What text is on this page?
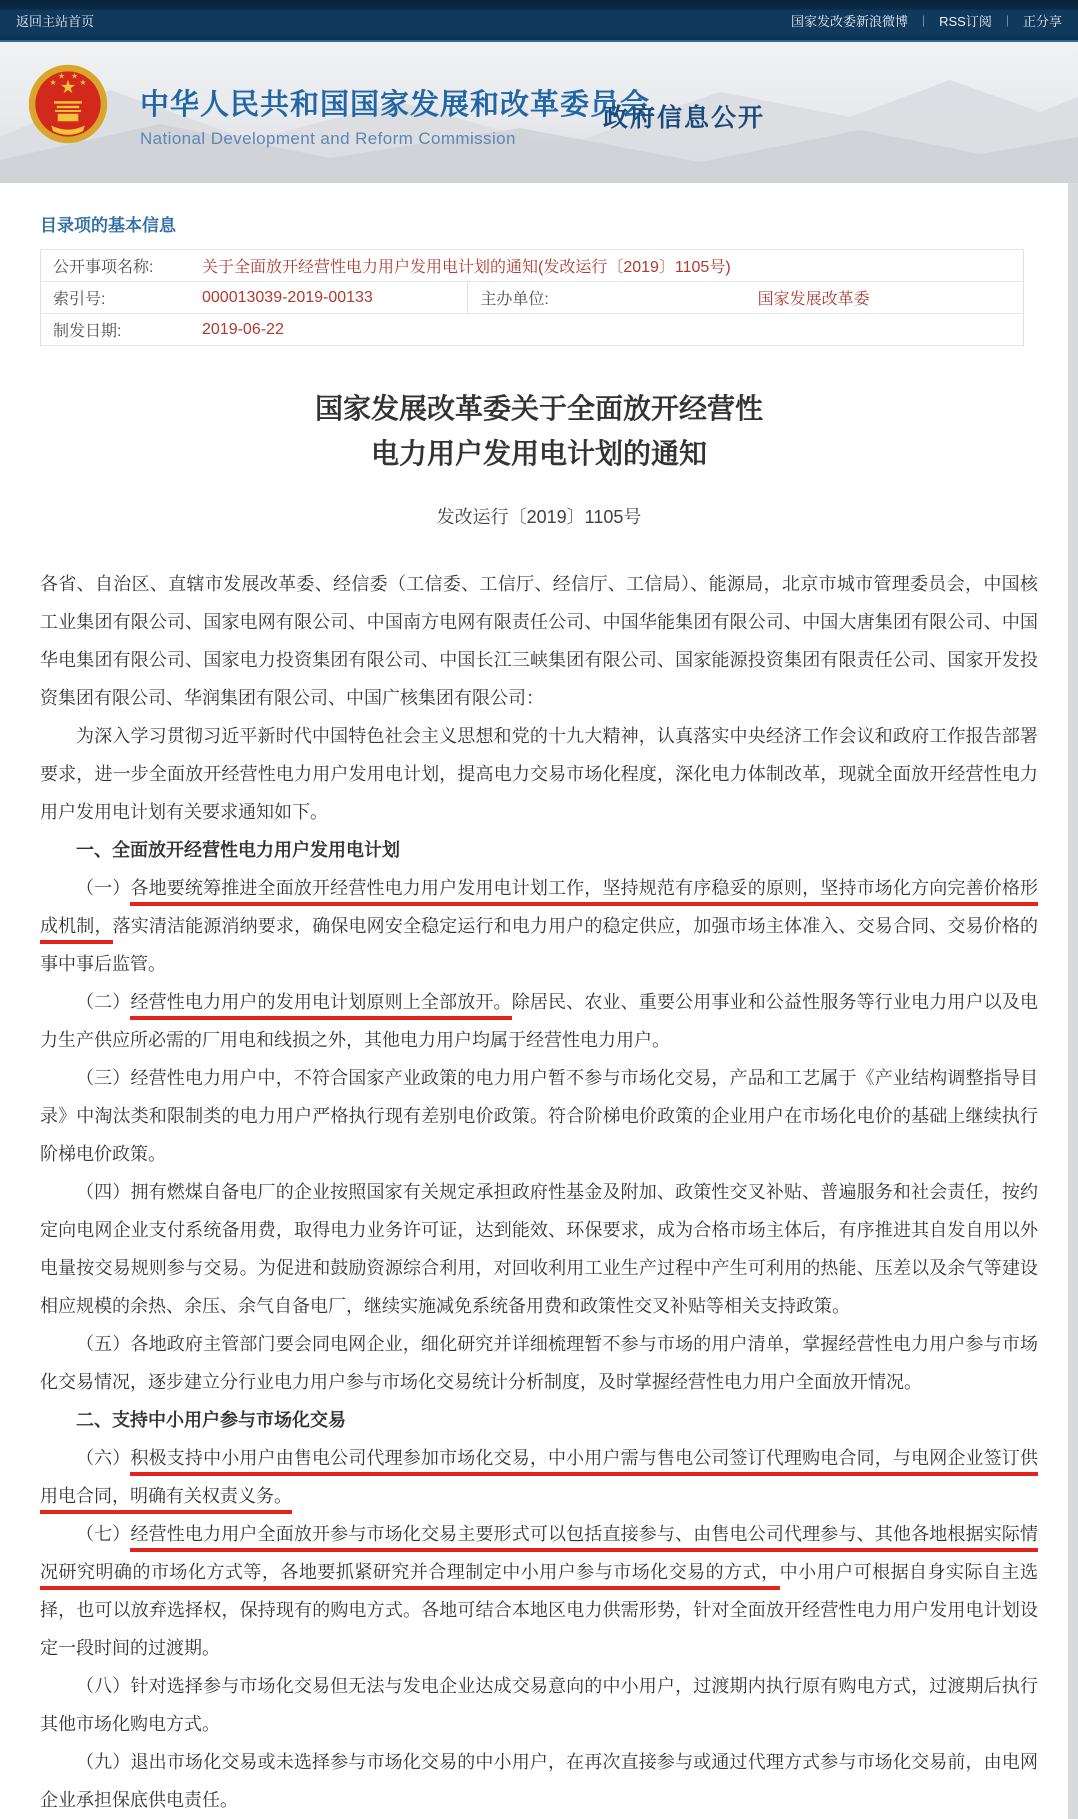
返回主站首页	国家发改委新浪微博 | RSS订阅 | 正分享
中华人民共和国国家发展和改革委员会
National Development and Reform Commission
政府信息公开
目录项的基本信息
公开事项名称:	关于全面放开经营性电力用户发用电计划的通知(发改运行〔2019〕1105号)		
索引号:	000013039-2019-00133	主办单位:	国家发展改革委
制发日期:	2019-06-22		
国家发展改革委关于全面放开经营性
电力用户发用电计划的通知
发改运行〔2019〕1105号

各省、自治区、直辖市发展改革委、经信委（工信委、工信厅、经信厅、工信局）、能源局，北京市城市管理委员会，中国核工业集团有限公司、国家电网有限公司、中国南方电网有限责任公司、中国华能集团有限公司、中国大唐集团有限公司、中国华电集团有限公司、国家电力投资集团有限公司、中国长江三峡集团有限公司、国家能源投资集团有限责任公司、国家开发投资集团有限公司、华润集团有限公司、中国广核集团有限公司：

为深入学习贯彻习近平新时代中国特色社会主义思想和党的十九大精神，认真落实中央经济工作会议和政府工作报告部署要求，进一步全面放开经营性电力用户发用电计划，提高电力交易市场化程度，深化电力体制改革，现就全面放开经营性电力用户发用电计划有关要求通知如下。

一、全面放开经营性电力用户发用电计划

（一）各地要统筹推进全面放开经营性电力用户发用电计划工作，坚持规范有序稳妥的原则，坚持市场化方向完善价格形成机制，落实清洁能源消纳要求，确保电网安全稳定运行和电力用户的稳定供应，加强市场主体准入、交易合同、交易价格的事中事后监管。

（二）经营性电力用户的发用电计划原则上全部放开。除居民、农业、重要公用事业和公益性服务等行业电力用户以及电力生产供应所必需的厂用电和线损之外，其他电力用户均属于经营性电力用户。

（三）经营性电力用户中，不符合国家产业政策的电力用户暂不参与市场化交易，产品和工艺属于《产业结构调整指导目录》中淘汰类和限制类的电力用户严格执行现有差别电价政策。符合阶梯电价政策的企业用户在市场化电价的基础上继续执行阶梯电价政策。

（四）拥有燃煤自备电厂的企业按照国家有关规定承担政府性基金及附加、政策性交叉补贴、普遍服务和社会责任，按约定向电网企业支付系统备用费，取得电力业务许可证，达到能效、环保要求，成为合格市场主体后，有序推进其自发自用以外电量按交易规则参与交易。为促进和鼓励资源综合利用，对回收利用工业生产过程中产生可利用的热能、压差以及余气等建设相应规模的余热、余压、余气自备电厂，继续实施减免系统备用费和政策性交叉补贴等相关支持政策。

（五）各地政府主管部门要会同电网企业，细化研究并详细梳理暂不参与市场的用户清单，掌握经营性电力用户参与市场化交易情况，逐步建立分行业电力用户参与市场化交易统计分析制度，及时掌握经营性电力用户全面放开情况。

二、支持中小用户参与市场化交易

（六）积极支持中小用户由售电公司代理参加市场化交易，中小用户需与售电公司签订代理购电合同，与电网企业签订供用电合同，明确有关权责义务。

（七）经营性电力用户全面放开参与市场化交易主要形式可以包括直接参与、由售电公司代理参与、其他各地根据实际情况研究明确的市场化方式等，各地要抓紧研究并合理制定中小用户参与市场化交易的方式，中小用户可根据自身实际自主选择，也可以放弃选择权，保持现有的购电方式。各地可结合本地区电力供需形势，针对全面放开经营性电力用户发用电计划设定一段时间的过渡期。

（八）针对选择参与市场化交易但无法与发电企业达成交易意向的中小用户，过渡期内执行原有购电方式，过渡期后执行其他市场化购电方式。

（九）退出市场化交易或未选择参与市场化交易的中小用户，在再次直接参与或通过代理方式参与市场化交易前，由电网企业承担保底供电责任。
